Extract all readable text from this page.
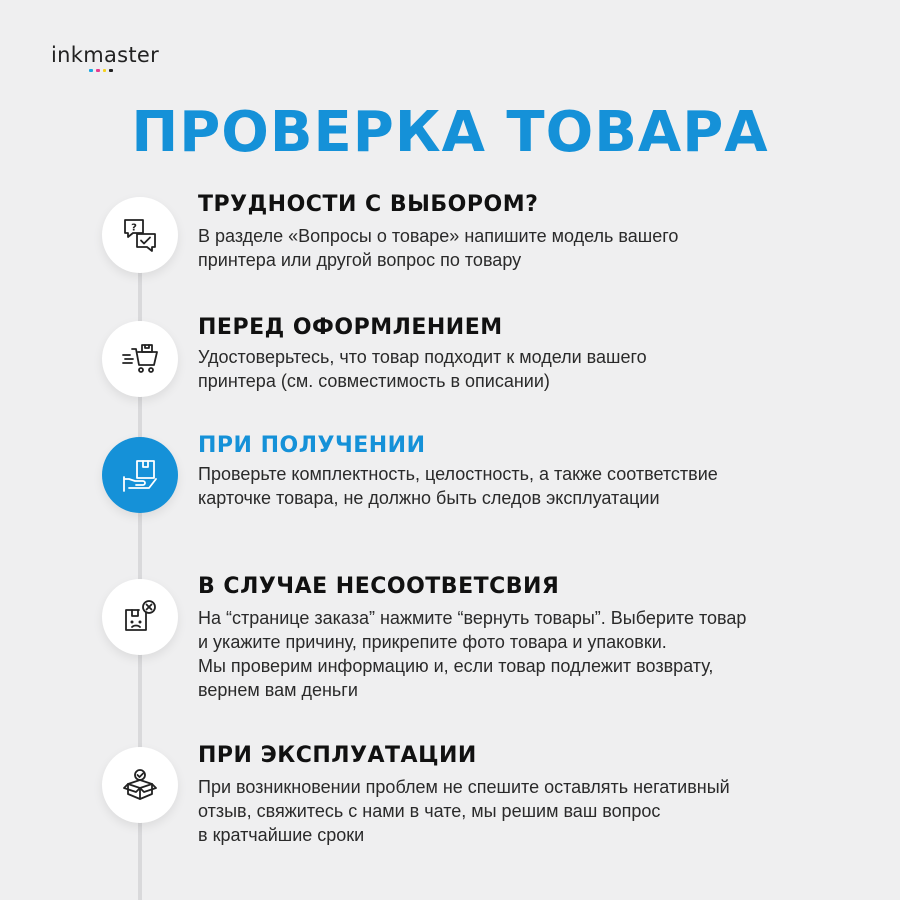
inkmaster
ПРОВЕРКА ТОВАРА
?
ТРУДНОСТИ С ВЫБОРОМ?
В разделе «Вопросы о товаре» напишите модель вашего
принтера или другой вопрос по товару
ПЕРЕД ОФОРМЛЕНИЕМ
Удостоверьтесь, что товар подходит к модели вашего
принтера (см. совместимость в описании)
ПРИ ПОЛУЧЕНИИ
Проверьте комплектность, целостность, а также соответствие
карточке товара, не должно быть следов эксплуатации
В СЛУЧАЕ НЕСООТВЕТСВИЯ
На “странице заказа” нажмите “вернуть товары”. Выберите товар
и укажите причину, прикрепите фото товара и упаковки.
Мы проверим информацию и, если товар подлежит возврату,
вернем вам деньги
ПРИ ЭКСПЛУАТАЦИИ
При возникновении проблем не спешите оставлять негативный
отзыв, свяжитесь с нами в чате, мы решим ваш вопрос
в кратчайшие сроки
